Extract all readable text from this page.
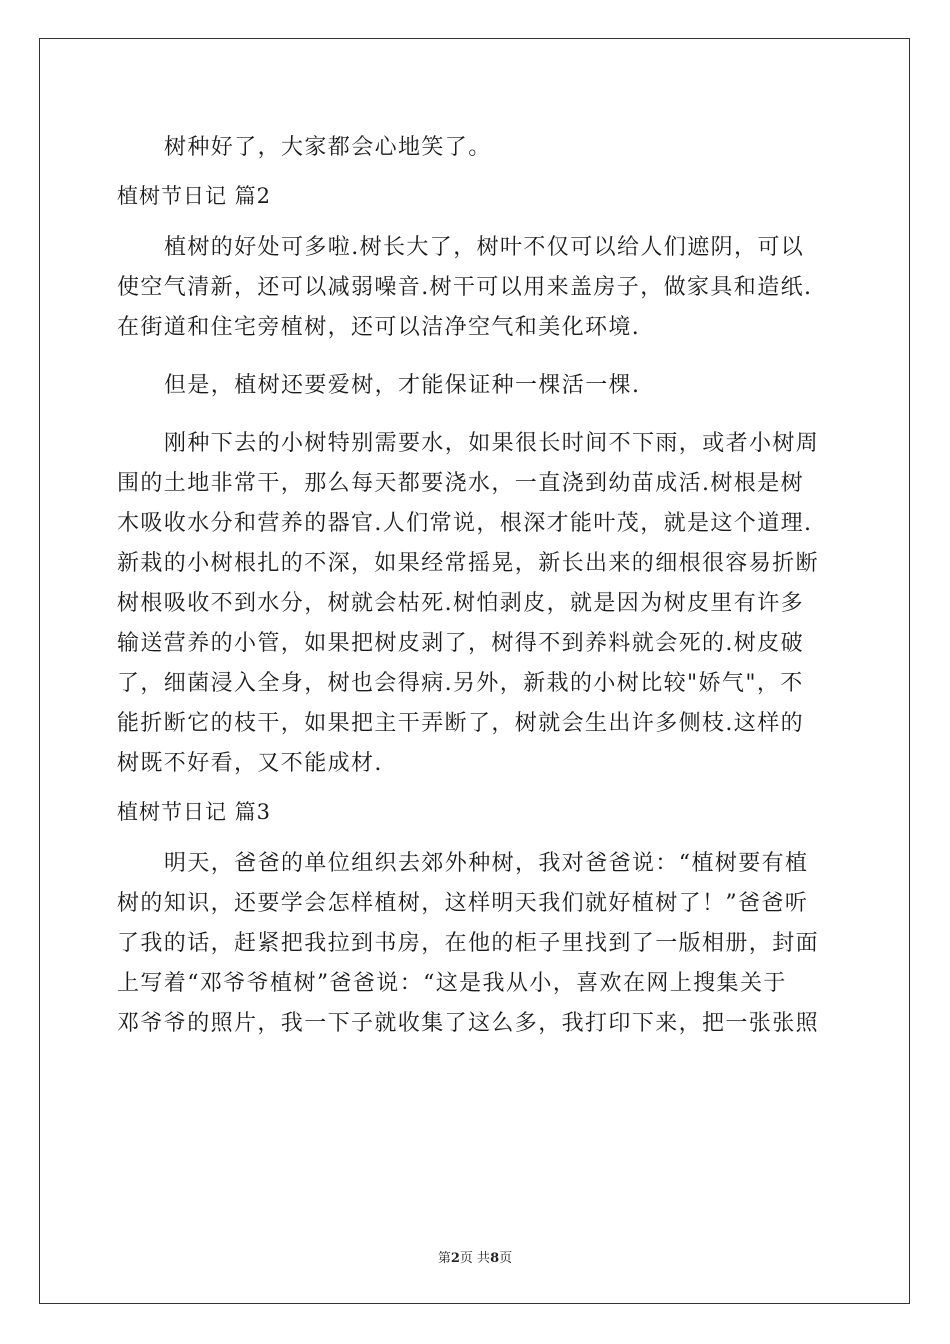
树种好了，大家都会心地笑了。
植树节日记 篇2
植树的好处可多啦.树长大了，树叶不仅可以给人们遮阴，可以
使空气清新，还可以减弱噪音.树干可以用来盖房子，做家具和造纸.
在街道和住宅旁植树，还可以洁净空气和美化环境.
但是，植树还要爱树，才能保证种一棵活一棵.
刚种下去的小树特别需要水，如果很长时间不下雨，或者小树周
围的土地非常干，那么每天都要浇水，一直浇到幼苗成活.树根是树
木吸收水分和营养的器官.人们常说，根深才能叶茂，就是这个道理.
新栽的小树根扎的不深，如果经常摇晃，新长出来的细根很容易折断
树根吸收不到水分，树就会枯死.树怕剥皮，就是因为树皮里有许多
输送营养的小管，如果把树皮剥了，树得不到养料就会死的.树皮破
了，细菌浸入全身，树也会得病.另外，新栽的小树比较"娇气"，不
能折断它的枝干，如果把主干弄断了，树就会生出许多侧枝.这样的
树既不好看，又不能成材.
植树节日记 篇3
明天，爸爸的单位组织去郊外种树，我对爸爸说：“植树要有植
树的知识，还要学会怎样植树，这样明天我们就好植树了！”爸爸听
了我的话，赶紧把我拉到书房，在他的柜子里找到了一版相册，封面
上写着“邓爷爷植树”爸爸说：“这是我从小，喜欢在网上搜集关于
邓爷爷的照片，我一下子就收集了这么多，我打印下来，把一张张照
第2页 共8页
